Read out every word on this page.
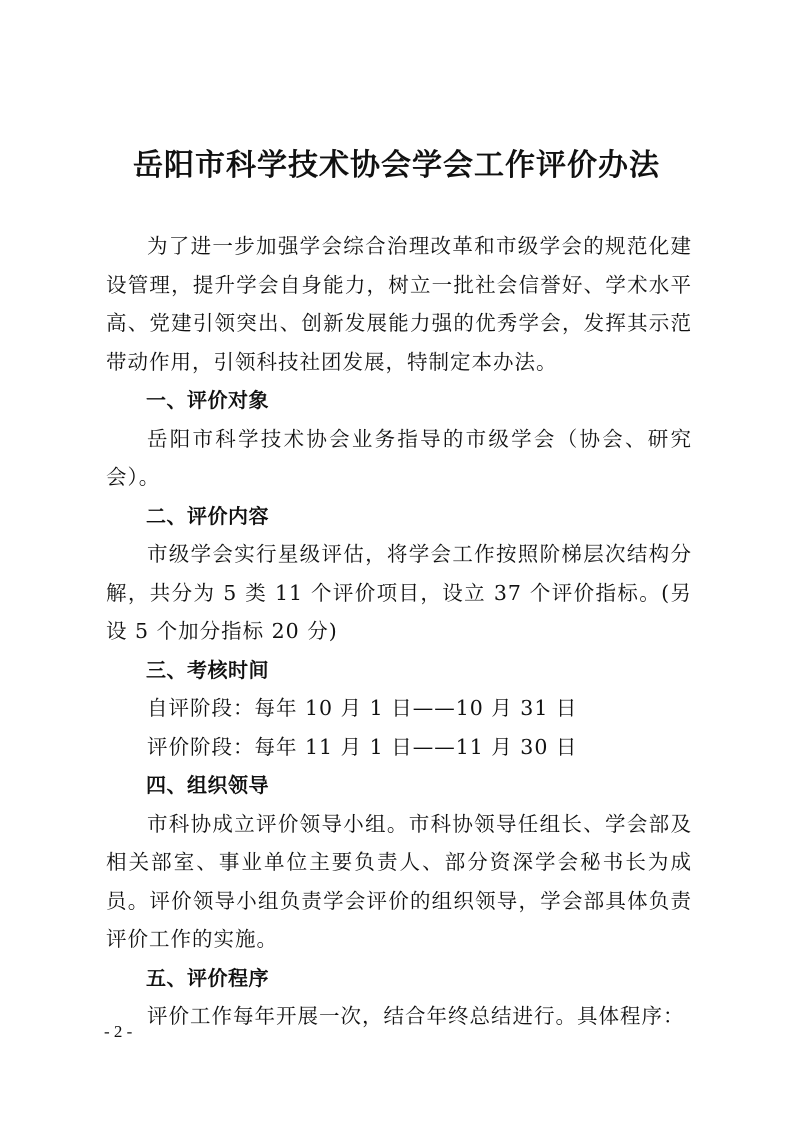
岳阳市科学技术协会学会工作评价办法

为了进一步加强学会综合治理改革和市级学会的规范化建设管理，提升学会自身能力，树立一批社会信誉好、学术水平高、党建引领突出、创新发展能力强的优秀学会，发挥其示范带动作用，引领科技社团发展，特制定本办法。

一、评价对象

岳阳市科学技术协会业务指导的市级学会（协会、研究会）。

二、评价内容

市级学会实行星级评估，将学会工作按照阶梯层次结构分解，共分为 5 类 11 个评价项目，设立 37 个评价指标。(另设 5 个加分指标 20 分)

三、考核时间

自评阶段：每年 10 月 1 日——10 月 31 日

评价阶段：每年 11 月 1 日——11 月 30 日

四、组织领导

市科协成立评价领导小组。市科协领导任组长、学会部及相关部室、事业单位主要负责人、部分资深学会秘书长为成员。评价领导小组负责学会评价的组织领导，学会部具体负责评价工作的实施。

五、评价程序

评价工作每年开展一次，结合年终总结进行。具体程序：

- 2 -
